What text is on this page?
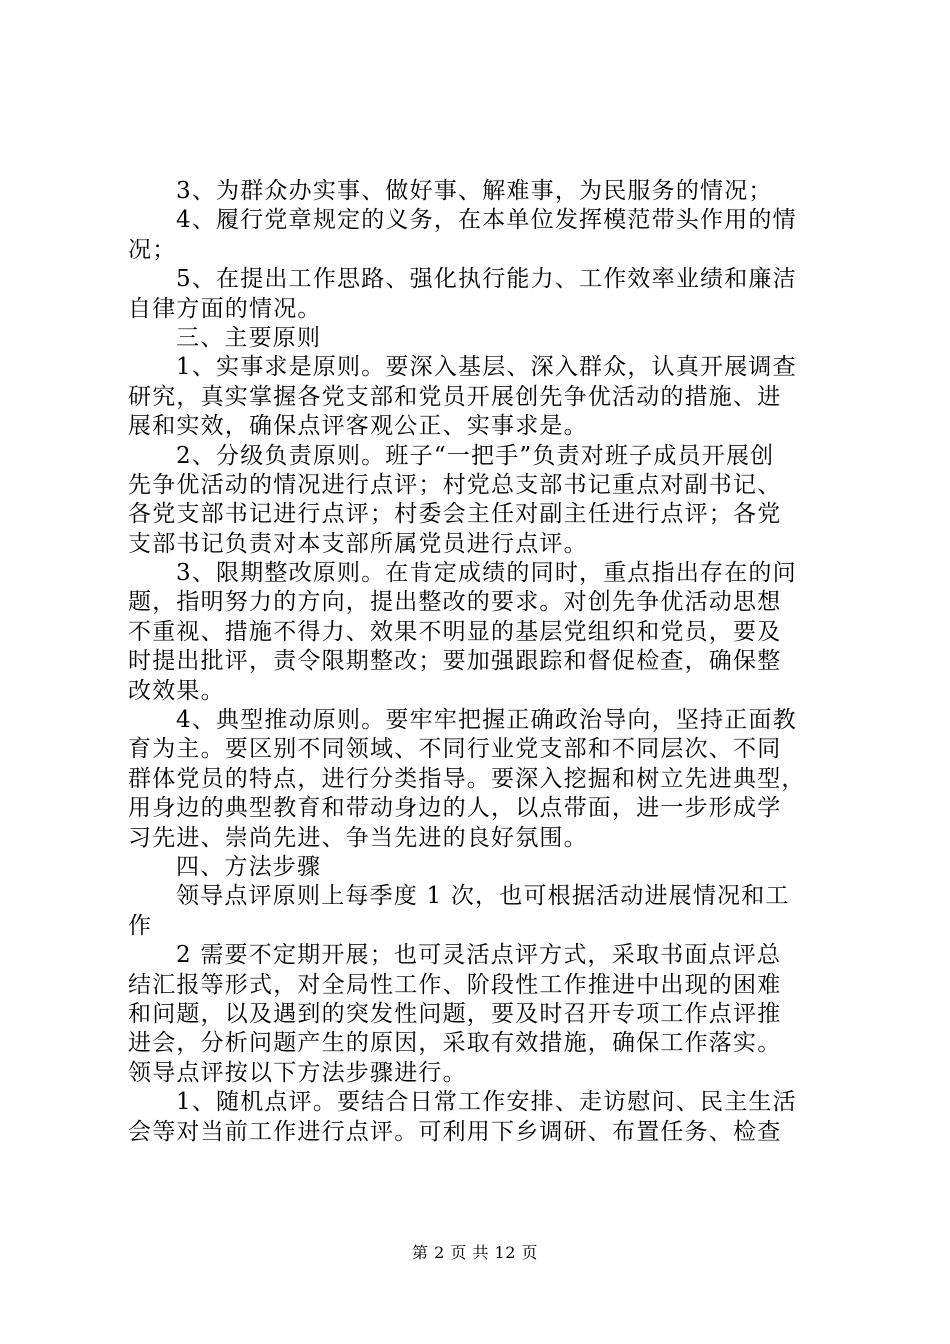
3、为群众办实事、做好事、解难事，为民服务的情况；
4、履行党章规定的义务，在本单位发挥模范带头作用的情
况；
5、在提出工作思路、强化执行能力、工作效率业绩和廉洁
自律方面的情况。
三、主要原则
1、实事求是原则。要深入基层、深入群众，认真开展调查
研究，真实掌握各党支部和党员开展创先争优活动的措施、进
展和实效，确保点评客观公正、实事求是。
2、分级负责原则。班子“一把手”负责对班子成员开展创
先争优活动的情况进行点评；村党总支部书记重点对副书记、
各党支部书记进行点评；村委会主任对副主任进行点评；各党
支部书记负责对本支部所属党员进行点评。
3、限期整改原则。在肯定成绩的同时，重点指出存在的问
题，指明努力的方向，提出整改的要求。对创先争优活动思想
不重视、措施不得力、效果不明显的基层党组织和党员，要及
时提出批评，责令限期整改；要加强跟踪和督促检查，确保整
改效果。
4、典型推动原则。要牢牢把握正确政治导向，坚持正面教
育为主。要区别不同领域、不同行业党支部和不同层次、不同
群体党员的特点，进行分类指导。要深入挖掘和树立先进典型，
用身边的典型教育和带动身边的人，以点带面，进一步形成学
习先进、崇尚先进、争当先进的良好氛围。
四、方法步骤
领导点评原则上每季度 1 次，也可根据活动进展情况和工
作
2 需要不定期开展；也可灵活点评方式，采取书面点评总
结汇报等形式，对全局性工作、阶段性工作推进中出现的困难
和问题，以及遇到的突发性问题，要及时召开专项工作点评推
进会，分析问题产生的原因，采取有效措施，确保工作落实。
领导点评按以下方法步骤进行。
1、随机点评。要结合日常工作安排、走访慰问、民主生活
会等对当前工作进行点评。可利用下乡调研、布置任务、检查
第 2 页 共 12 页
